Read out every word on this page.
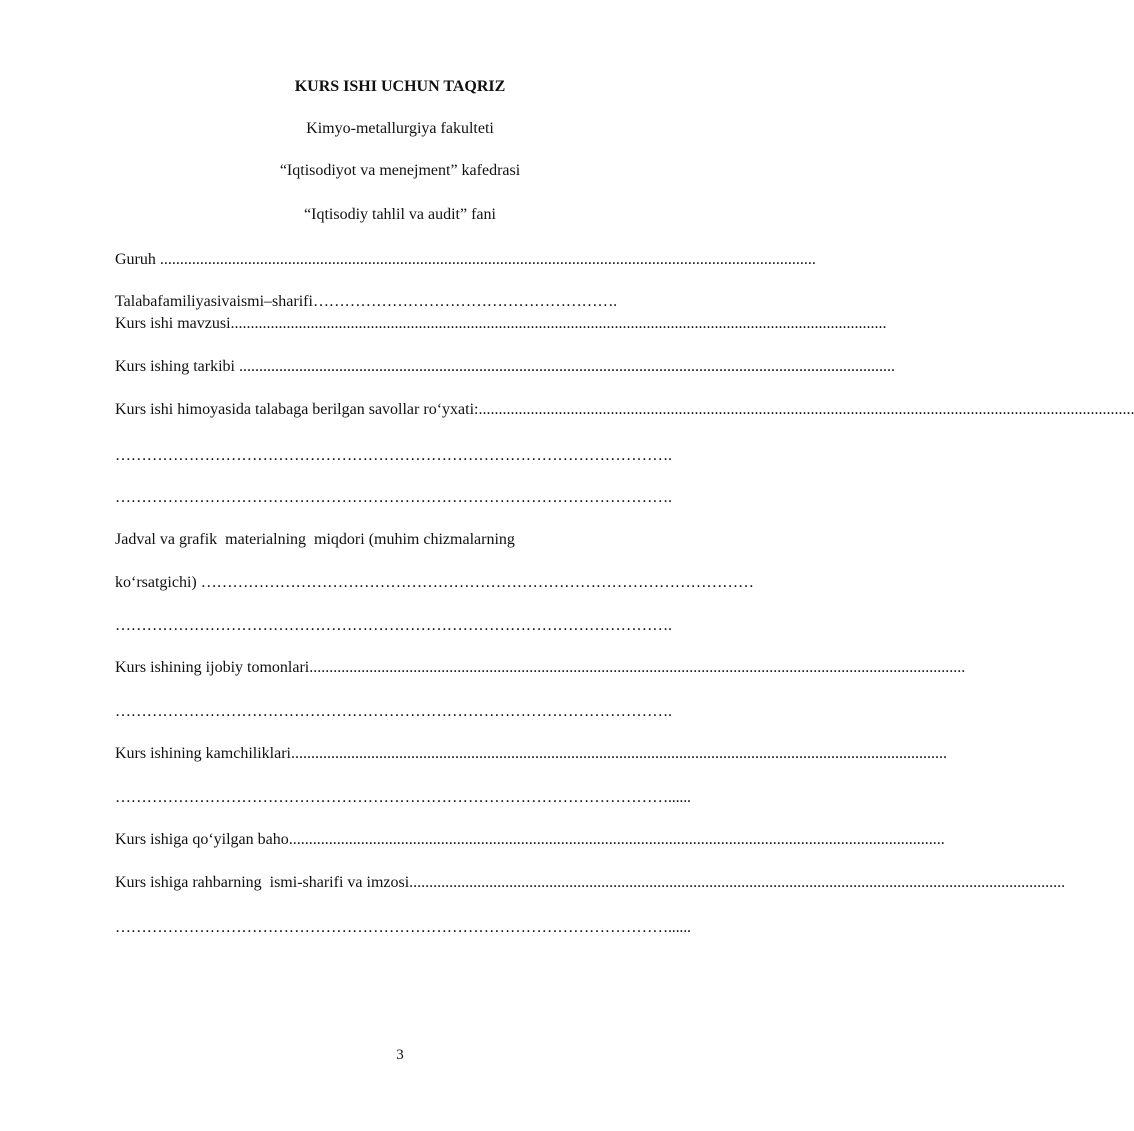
KURS ISHI UCHUN TAQRIZ
Kimyo-metallurgiya fakulteti
“Iqtisodiyot va menejment” kafedrasi
“Iqtisodiy tahlil va audit” fani
Guruh ....................................................................................................................................................................
Talabafamiliyasivaismi–sharifi………………………………………………….
Kurs ishi mavzusi....................................................................................................................................................................
Kurs ishing tarkibi ....................................................................................................................................................................
Kurs ishi himoyasida talabaga berilgan savollar ro‘yxati:....................................................................................................................................................................
…………………………………………………………………………………………….
…………………………………………………………………………………………….
Jadval va grafik  materialning  miqdori (muhim chizmalarning
ko‘rsatgichi) ……………………………………………………………………………………………
…………………………………………………………………………………………….
Kurs ishining ijobiy tomonlari....................................................................................................................................................................
…………………………………………………………………………………………….
Kurs ishining kamchiliklari....................................................................................................................................................................
……………………………………………………………………………………………......
Kurs ishiga qo‘yilgan baho....................................................................................................................................................................
Kurs ishiga rahbarning  ismi-sharifi va imzosi....................................................................................................................................................................
……………………………………………………………………………………………......
3
